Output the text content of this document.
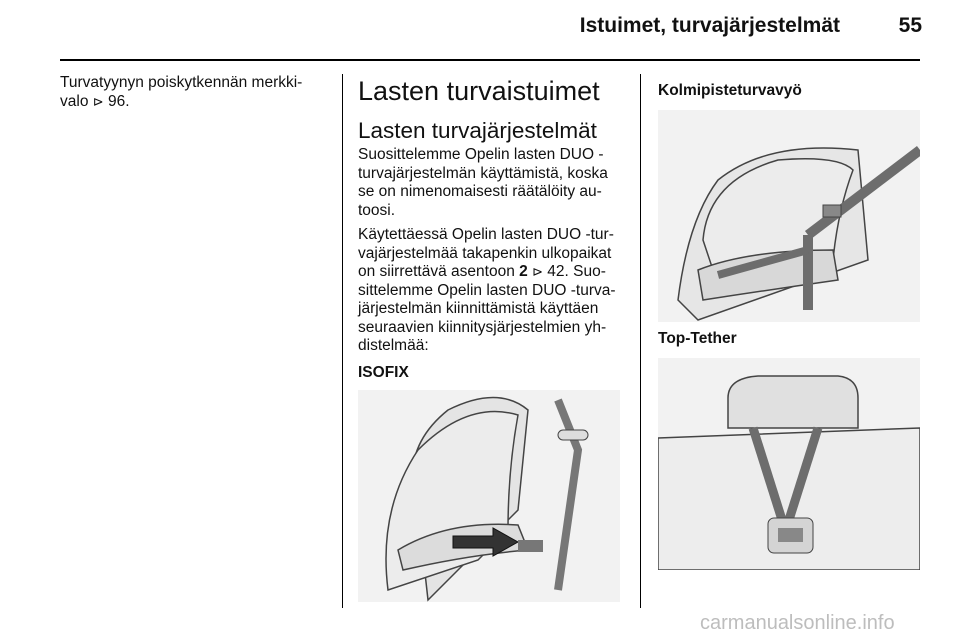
Istuimet, turvajärjestelmät	55

Turvatyynyn poiskytkennän merkki-valo ⊳ 96.	Lasten turvaistuimet
Lasten turvajärjestelmät

Suosittelemme Opelin lasten DUO -turvajärjestelmän käyttämistä, koska se on nimenomaisesti räätälöity au-toosi.

Käytettäessä Opelin lasten DUO -tur-vajärjestelmää takapenkin ulkopaikat on siirrettävä asentoon 2 ⊳ 42. Suo-sittelemme Opelin lasten DUO -turva-järjestelmän kiinnittämistä käyttäen seuraavien kiinnitysjärjestelmien yh-distelmää:

ISOFIX
Kolmipisteturvavyö
Top-Tether
carmanualsonline.info
